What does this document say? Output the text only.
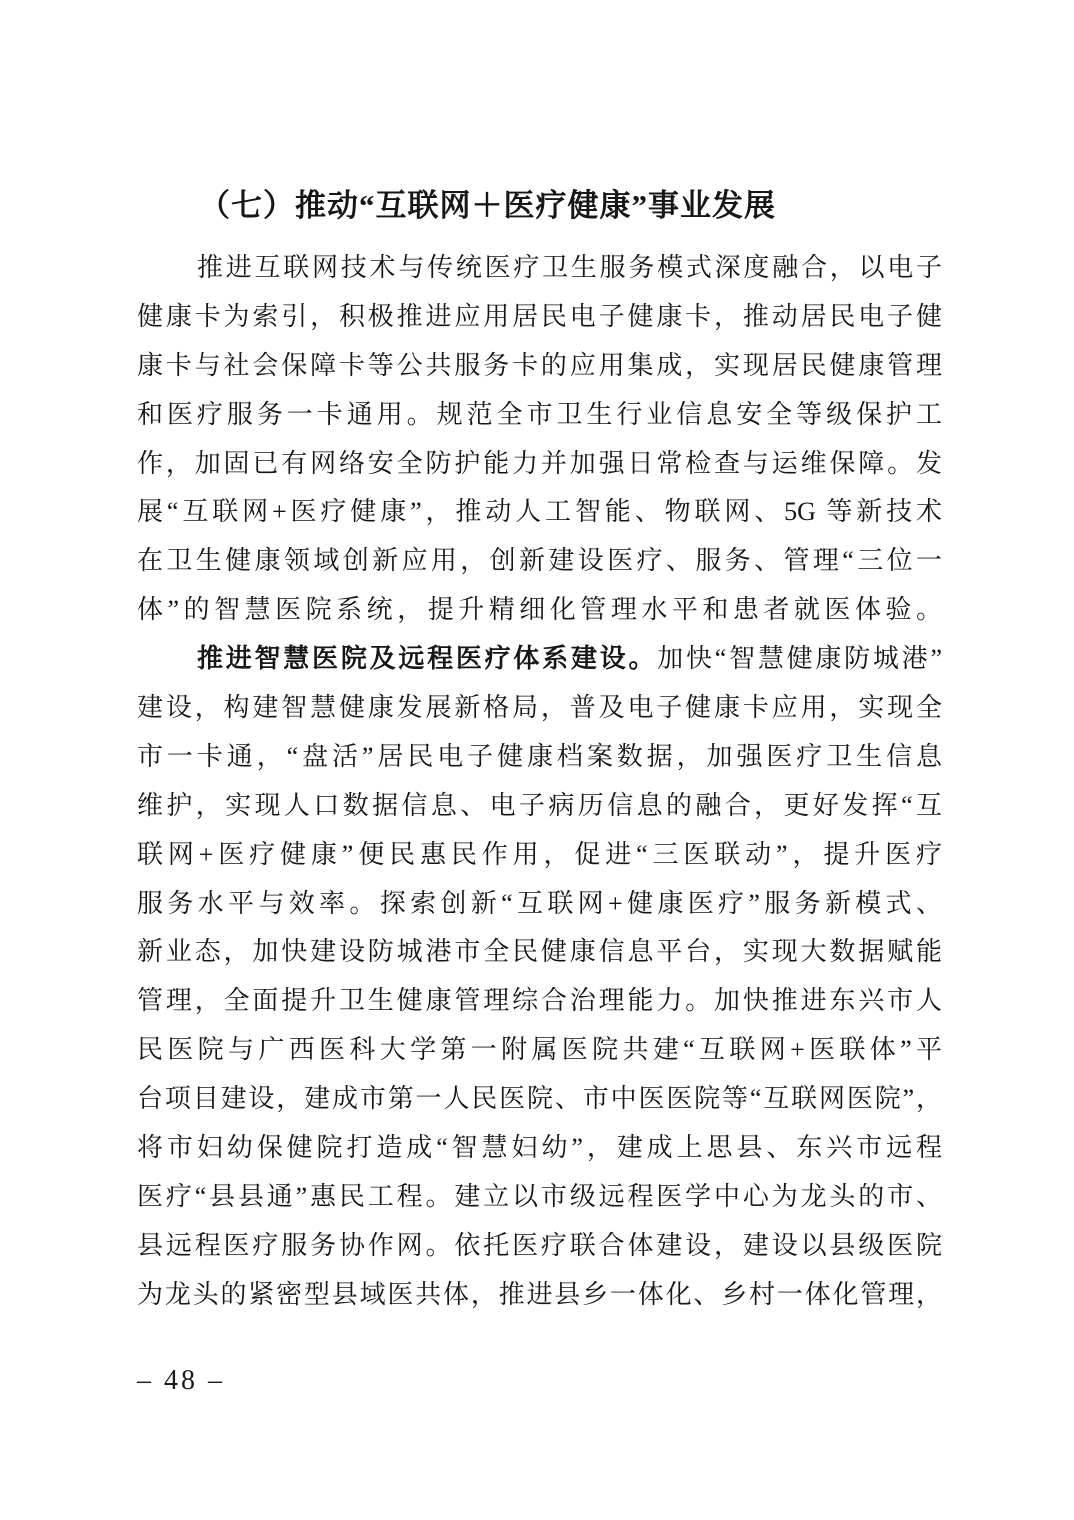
（七）推动“互联网＋医疗健康”事业发展
推进互联网技术与传统医疗卫生服务模式深度融合，以电子
健康卡为索引，积极推进应用居民电子健康卡，推动居民电子健
康卡与社会保障卡等公共服务卡的应用集成，实现居民健康管理
和医疗服务一卡通用。规范全市卫生行业信息安全等级保护工
作，加固已有网络安全防护能力并加强日常检查与运维保障。发
展“互联网+医疗健康”，推动人工智能、物联网、5G 等新技术
在卫生健康领域创新应用，创新建设医疗、服务、管理“三位一
体”的智慧医院系统，提升精细化管理水平和患者就医体验。
推进智慧医院及远程医疗体系建设。加快“智慧健康防城港”
建设，构建智慧健康发展新格局，普及电子健康卡应用，实现全
市一卡通，“盘活”居民电子健康档案数据，加强医疗卫生信息
维护，实现人口数据信息、电子病历信息的融合，更好发挥“互
联网+医疗健康”便民惠民作用，促进“三医联动”，提升医疗
服务水平与效率。探索创新“互联网+健康医疗”服务新模式、
新业态，加快建设防城港市全民健康信息平台，实现大数据赋能
管理，全面提升卫生健康管理综合治理能力。加快推进东兴市人
民医院与广西医科大学第一附属医院共建“互联网+医联体”平
台项目建设，建成市第一人民医院、市中医医院等“互联网医院”，
将市妇幼保健院打造成“智慧妇幼”，建成上思县、东兴市远程
医疗“县县通”惠民工程。建立以市级远程医学中心为龙头的市、
县远程医疗服务协作网。依托医疗联合体建设，建设以县级医院
为龙头的紧密型县域医共体，推进县乡一体化、乡村一体化管理，
– 48 –
